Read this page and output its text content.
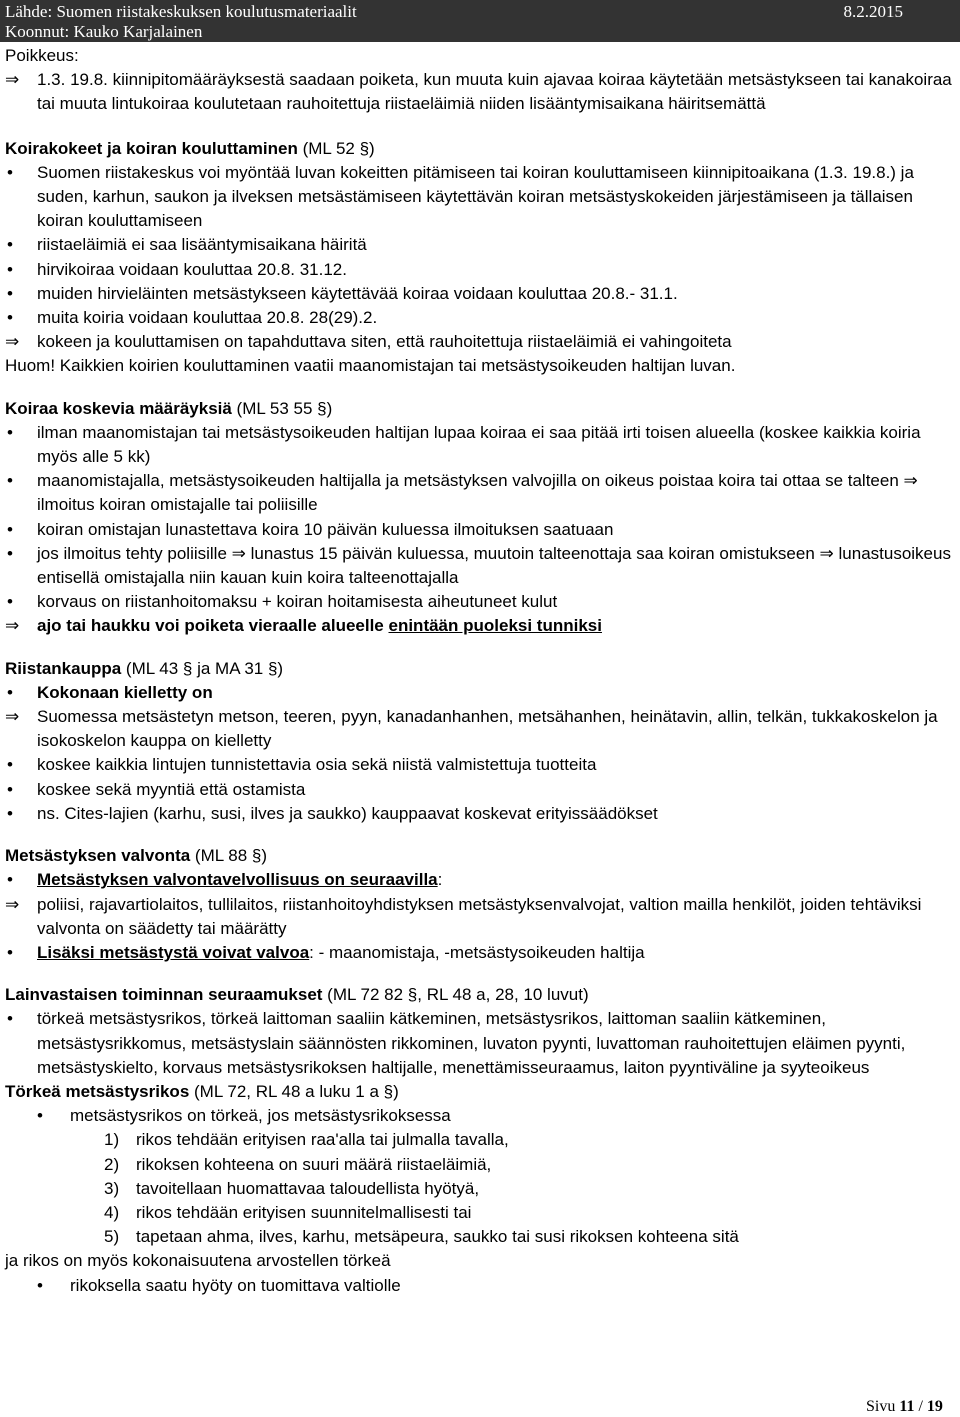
Lähde: Suomen riistakeskuksen koulutusmateriaalit	8.2.2015
Koonnut: Kauko Karjalainen

Poikkeus:

⇒ 1.3. 19.8. kiinnipitomääräyksestä saadaan poiketa, kun muuta kuin ajavaa koiraa käytetään metsästykseen tai kanakoiraa tai muuta lintukoiraa koulutetaan rauhoitettuja riistaeläimiä niiden lisääntymisaikana häiritsemättä

Koirakokeet ja koiran kouluttaminen (ML 52 §)

• Suomen riistakeskus voi myöntää luvan kokeitten pitämiseen tai koiran kouluttamiseen kiinnipitoaikana (1.3. 19.8.) ja suden, karhun, saukon ja ilveksen metsästämiseen käytettävän koiran metsästyskokeiden järjestämiseen ja tällaisen koiran kouluttamiseen

• riistaeläimiä ei saa lisääntymisaikana häiritä

• hirvikoiraa voidaan kouluttaa 20.8. 31.12.

• muiden hirvieläinten metsästykseen käytettävää koiraa voidaan kouluttaa 20.8.- 31.1.

• muita koiria voidaan kouluttaa 20.8. 28(29).2.

⇒ kokeen ja kouluttamisen on tapahduttava siten, että rauhoitettuja riistaeläimiä ei vahingoiteta

Huom! Kaikkien koirien kouluttaminen vaatii maanomistajan tai metsästysoikeuden haltijan luvan.

Koiraa koskevia määräyksiä (ML 53 55 §)

• ilman maanomistajan tai metsästysoikeuden haltijan lupaa koiraa ei saa pitää irti toisen alueella (koskee kaikkia koiria myös alle 5 kk)

• maanomistajalla, metsästysoikeuden haltijalla ja metsästyksen valvojilla on oikeus poistaa koira tai ottaa se talteen ⇒ ilmoitus koiran omistajalle tai poliisille

• koiran omistajan lunastettava koira 10 päivän kuluessa ilmoituksen saatuaan

• jos ilmoitus tehty poliisille ⇒ lunastus 15 päivän kuluessa, muutoin talteenottaja saa koiran omistukseen ⇒ lunastusoikeus entisellä omistajalla niin kauan kuin koira talteenottajalla

• korvaus on riistanhoitomaksu + koiran hoitamisesta aiheutuneet kulut

⇒ ajo tai haukku voi poiketa vieraalle alueelle enintään puoleksi tunniksi

Riistankauppa (ML 43 § ja MA 31 §)

• Kokonaan kielletty on

⇒ Suomessa metsästetyn metson, teeren, pyyn, kanadanhanhen, metsähanhen, heinätavin, allin, telkän, tukkakoskelon ja isokoskelon kauppa on kielletty

• koskee kaikkia lintujen tunnistettavia osia sekä niistä valmistettuja tuotteita

• koskee sekä myyntiä että ostamista

• ns. Cites-lajien (karhu, susi, ilves ja saukko) kauppaavat koskevat erityissäädökset

Metsästyksen valvonta (ML 88 §)

• Metsästyksen valvontavelvollisuus on seuraavilla:

⇒ poliisi, rajavartiolaitos, tullilaitos, riistanhoitoyhdistyksen metsästyksenvalvojat, valtion mailla henkilöt, joiden tehtäviksi valvonta on säädetty tai määrätty

• Lisäksi metsästystä voivat valvoa: - maanomistaja, -metsästysoikeuden haltija

Lainvastaisen toiminnan seuraamukset (ML 72 82 §, RL 48 a, 28, 10 luvut)

• törkeä metsästysrikos, törkeä laittoman saaliin kätkeminen, metsästysrikos, laittoman saaliin kätkeminen, metsästysrikkomus, metsästyslain säännösten rikkominen, luvaton pyynti, luvattoman rauhoitettujen eläimen pyynti, metsästyskielto, korvaus metsästysrikoksen haltijalle, menettämisseuraamus, laiton pyyntiväline ja syyteoikeus

Törkeä metsästysrikos (ML 72, RL 48 a luku 1 a §)

• metsästysrikos on törkeä, jos metsästysrikoksessa

1) rikos tehdään erityisen raa'alla tai julmalla tavalla,

2) rikoksen kohteena on suuri määrä riistaeläimiä,

3) tavoitellaan huomattavaa taloudellista hyötyä,

4) rikos tehdään erityisen suunnitelmallisesti tai

5) tapetaan ahma, ilves, karhu, metsäpeura, saukko tai susi rikoksen kohteena sitä

ja rikos on myös kokonaisuutena arvostellen törkeä

• rikoksella saatu hyöty on tuomittava valtiolle

Sivu 11 / 19
